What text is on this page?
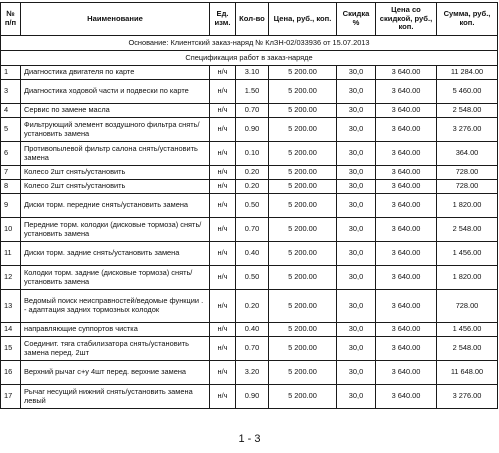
№ п/п	Наименование	Ед. изм.	Кол-во	Цена, руб., коп.	Скидка %	Цена со скидкой, руб., коп.	Сумма, руб., коп.
Основание: Клиентский заказ-наряд № КлЗН-02/033936 от 15.07.2013							
Спецификация работ в заказ-наряде							
1	Диагностика двигателя по карте	н/ч	3.10	5 200.00	30,0	3 640.00	11 284.00
3	Диагностика ходовой части и подвески по карте	н/ч	1.50	5 200.00	30,0	3 640.00	5 460.00
4	Сервис по замене масла	н/ч	0.70	5 200.00	30,0	3 640.00	2 548.00
5	Фильтрующий элемент воздушного фильтра снять/установить замена	н/ч	0.90	5 200.00	30,0	3 640.00	3 276.00
6	Противопылевой фильтр салона снять/установить замена	н/ч	0.10	5 200.00	30,0	3 640.00	364.00
7	Колесо 2шт снять/установить	н/ч	0.20	5 200.00	30,0	3 640.00	728.00
8	Колесо 2шт снять/установить	н/ч	0.20	5 200.00	30,0	3 640.00	728.00
9	Диски торм. передние снять/установить замена	н/ч	0.50	5 200.00	30,0	3 640.00	1 820.00
10	Передние торм. колодки (дисковые тормоза) снять/установить замена	н/ч	0.70	5 200.00	30,0	3 640.00	2 548.00
11	Диски торм. задние снять/установить замена	н/ч	0.40	5 200.00	30,0	3 640.00	1 456.00
12	Колодки торм. задние (дисковые тормоза) снять/установить замена	н/ч	0.50	5 200.00	30,0	3 640.00	1 820.00
13	Ведомый поиск неисправностей/ведомые функции . - адаптация задних тормозных колодок	н/ч	0.20	5 200.00	30,0	3 640.00	728.00
14	направляющие суппортов чистка	н/ч	0.40	5 200.00	30,0	3 640.00	1 456.00
15	Соединит. тяга стабилизатора снять/установить замена перед. 2шт	н/ч	0.70	5 200.00	30,0	3 640.00	2 548.00
16	Верхний рычаг с+у 4шт перед. верхние замена	н/ч	3.20	5 200.00	30,0	3 640.00	11 648.00
17	Рычаг несущий нижний снять/установить замена левый	н/ч	0.90	5 200.00	30,0	3 640.00	3 276.00
1 - 3
